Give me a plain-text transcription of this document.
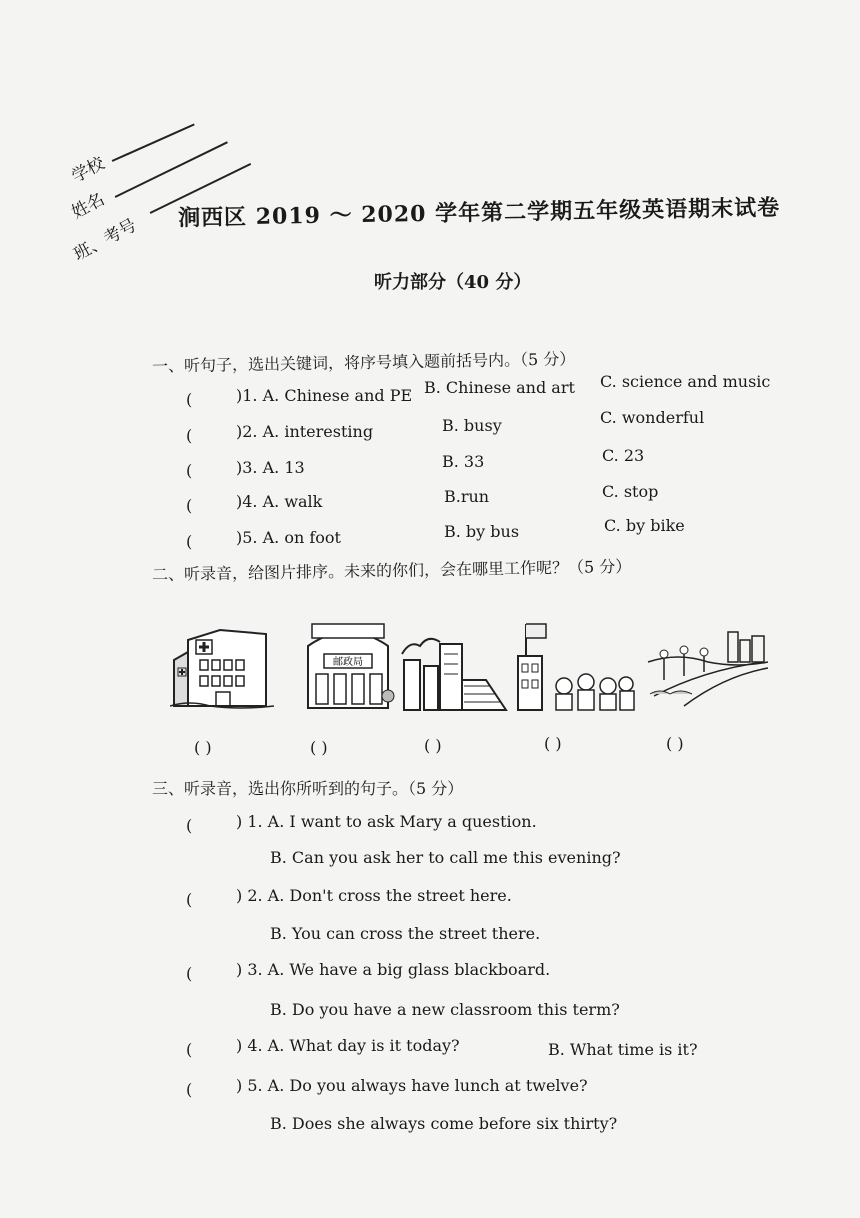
学校
姓名
班、考号
涧西区 2019 ～ 2020 学年第二学期五年级英语期末试卷
听力部分（40 分）
一、听句子，选出关键词，将序号填入题前括号内。（5 分）
(	)1. A. Chinese and PE B. Chinese and art C. science and music
(	)2. A. interesting	B. busy	C. wonderful
(	)3. A. 13	B. 33	C. 23
(	)4. A. walk	B.run	C. stop
(	)5. A. on foot	B. by bus	C. by bike
二、听录音，给图片排序。未来的你们，会在哪里工作呢？（5 分）
邮政局
( )	( )	( )	( )	( )
三、听录音，选出你所听到的句子。（5 分）
(	) 1. A. I want to ask Mary a question.
B. Can you ask her to call me this evening?
(	) 2. A. Don't cross the street here.
B. You can cross the street there.
(	) 3. A. We have a big glass blackboard.
B. Do you have a new classroom this term?
(	) 4. A. What day is it today?	B. What time is it?
(	) 5. A. Do you always have lunch at twelve?
B. Does she always come before six thirty?
